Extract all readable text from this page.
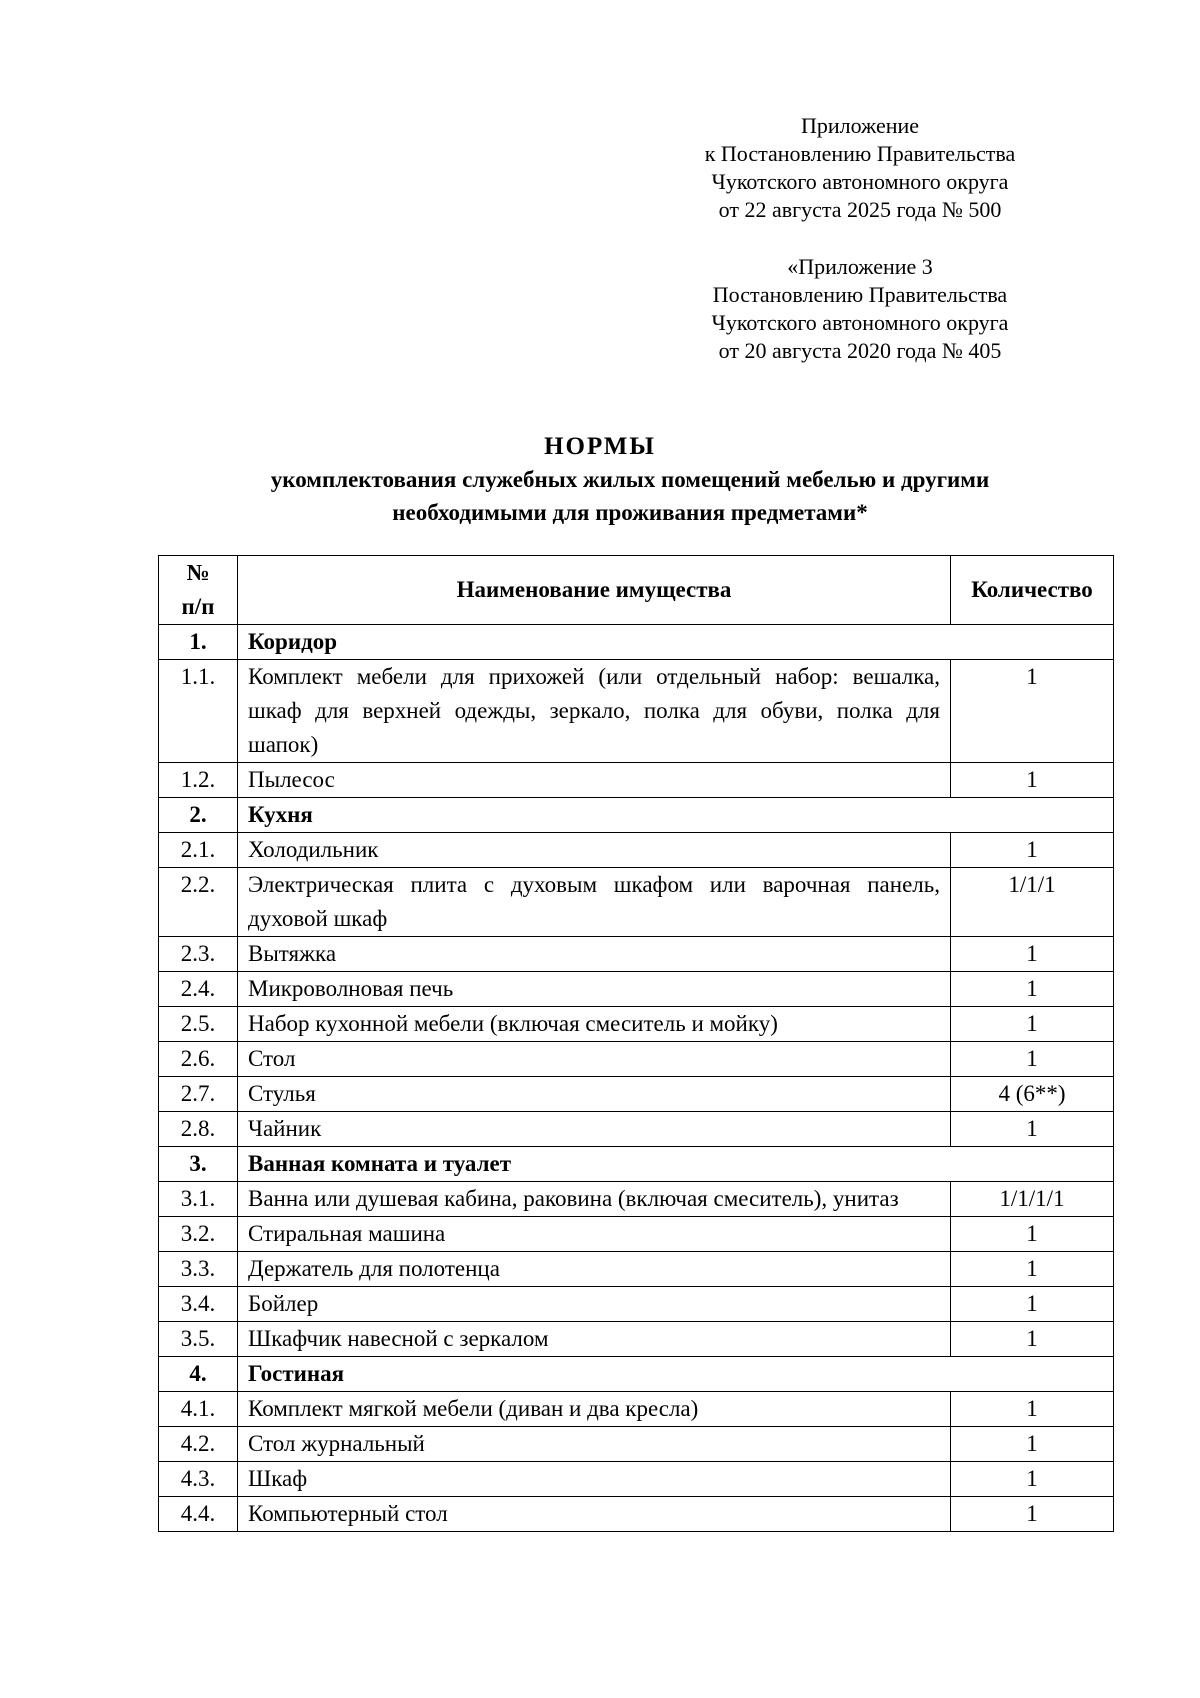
Приложение
к Постановлению Правительства
Чукотского автономного округа
от 22 августа 2025 года № 500
«Приложение 3
Постановлению Правительства
Чукотского автономного округа
от 20 августа 2020 года № 405
НОРМЫ
укомплектования служебных жилых помещений мебелью и другими
необходимыми для проживания предметами*
№
п/п	Наименование имущества	Количество
1.	Коридор	
1.1.	Комплект мебели для прихожей (или отдельный набор: вешалка, шкаф для верхней одежды, зеркало, полка для обуви, полка для шапок)	1
1.2.	Пылесос	1
2.	Кухня	
2.1.	Холодильник	1
2.2.	Электрическая плита с духовым шкафом или варочная панель, духовой шкаф	1/1/1
2.3.	Вытяжка	1
2.4.	Микроволновая печь	1
2.5.	Набор кухонной мебели (включая смеситель и мойку)	1
2.6.	Стол	1
2.7.	Стулья	4 (6**)
2.8.	Чайник	1
3.	Ванная комната и туалет	
3.1.	Ванна или душевая кабина, раковина (включая смеситель), унитаз	1/1/1/1
3.2.	Стиральная машина	1
3.3.	Держатель для полотенца	1
3.4.	Бойлер	1
3.5.	Шкафчик навесной с зеркалом	1
4.	Гостиная	
4.1.	Комплект мягкой мебели (диван и два кресла)	1
4.2.	Стол журнальный	1
4.3.	Шкаф	1
4.4.	Компьютерный стол	1
